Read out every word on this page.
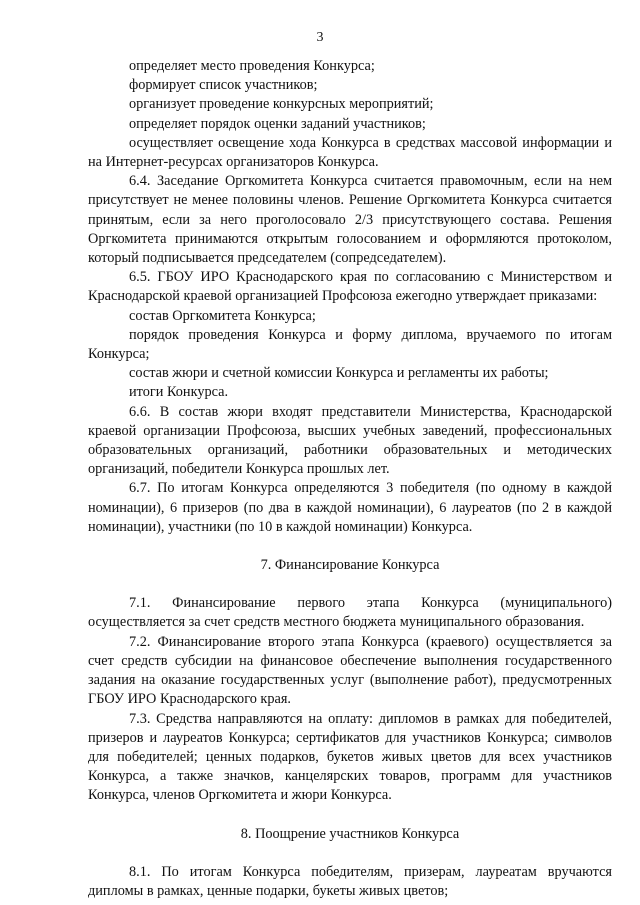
3

определяет место проведения Конкурса;

формирует список участников;

организует проведение конкурсных мероприятий;

определяет порядок оценки заданий участников;

осуществляет освещение хода Конкурса в средствах массовой информации и на Интернет-ресурсах организаторов Конкурса.

6.4. Заседание Оргкомитета Конкурса считается правомочным, если на нем присутствует не менее половины членов. Решение Оргкомитета Конкурса считается принятым, если за него проголосовало 2/3 присутствующего состава. Решения Оргкомитета принимаются открытым голосованием и оформляются протоколом, который подписывается председателем (сопредседателем).

6.5. ГБОУ ИРО Краснодарского края по согласованию с Министерством и Краснодарской краевой организацией Профсоюза ежегодно утверждает приказами:

состав Оргкомитета Конкурса;

порядок проведения Конкурса и форму диплома, вручаемого по итогам Конкурса;

состав жюри и счетной комиссии Конкурса и регламенты их работы;

итоги Конкурса.

6.6. В состав жюри входят представители Министерства, Краснодарской краевой организации Профсоюза, высших учебных заведений, профессиональных образовательных организаций, работники образовательных и методических организаций, победители Конкурса прошлых лет.

6.7. По итогам Конкурса определяются 3 победителя (по одному в каждой номинации), 6 призеров (по два в каждой номинации), 6 лауреатов (по 2 в каждой номинации), участники (по 10 в каждой номинации) Конкурса.

7. Финансирование Конкурса

7.1. Финансирование первого этапа Конкурса (муниципального) осуществляется за счет средств местного бюджета муниципального образования.

7.2. Финансирование второго этапа Конкурса (краевого) осуществляется за счет средств субсидии на финансовое обеспечение выполнения государственного задания на оказание государственных услуг (выполнение работ), предусмотренных ГБОУ ИРО Краснодарского края.

7.3. Средства направляются на оплату: дипломов в рамках для победителей, призеров и лауреатов Конкурса; сертификатов для участников Конкурса; символов для победителей; ценных подарков, букетов живых цветов для всех участников Конкурса, а также значков, канцелярских товаров, программ для участников Конкурса, членов Оргкомитета и жюри Конкурса.

8. Поощрение участников Конкурса

8.1. По итогам Конкурса победителям, призерам, лауреатам вручаются дипломы в рамках, ценные подарки, букеты живых цветов;
